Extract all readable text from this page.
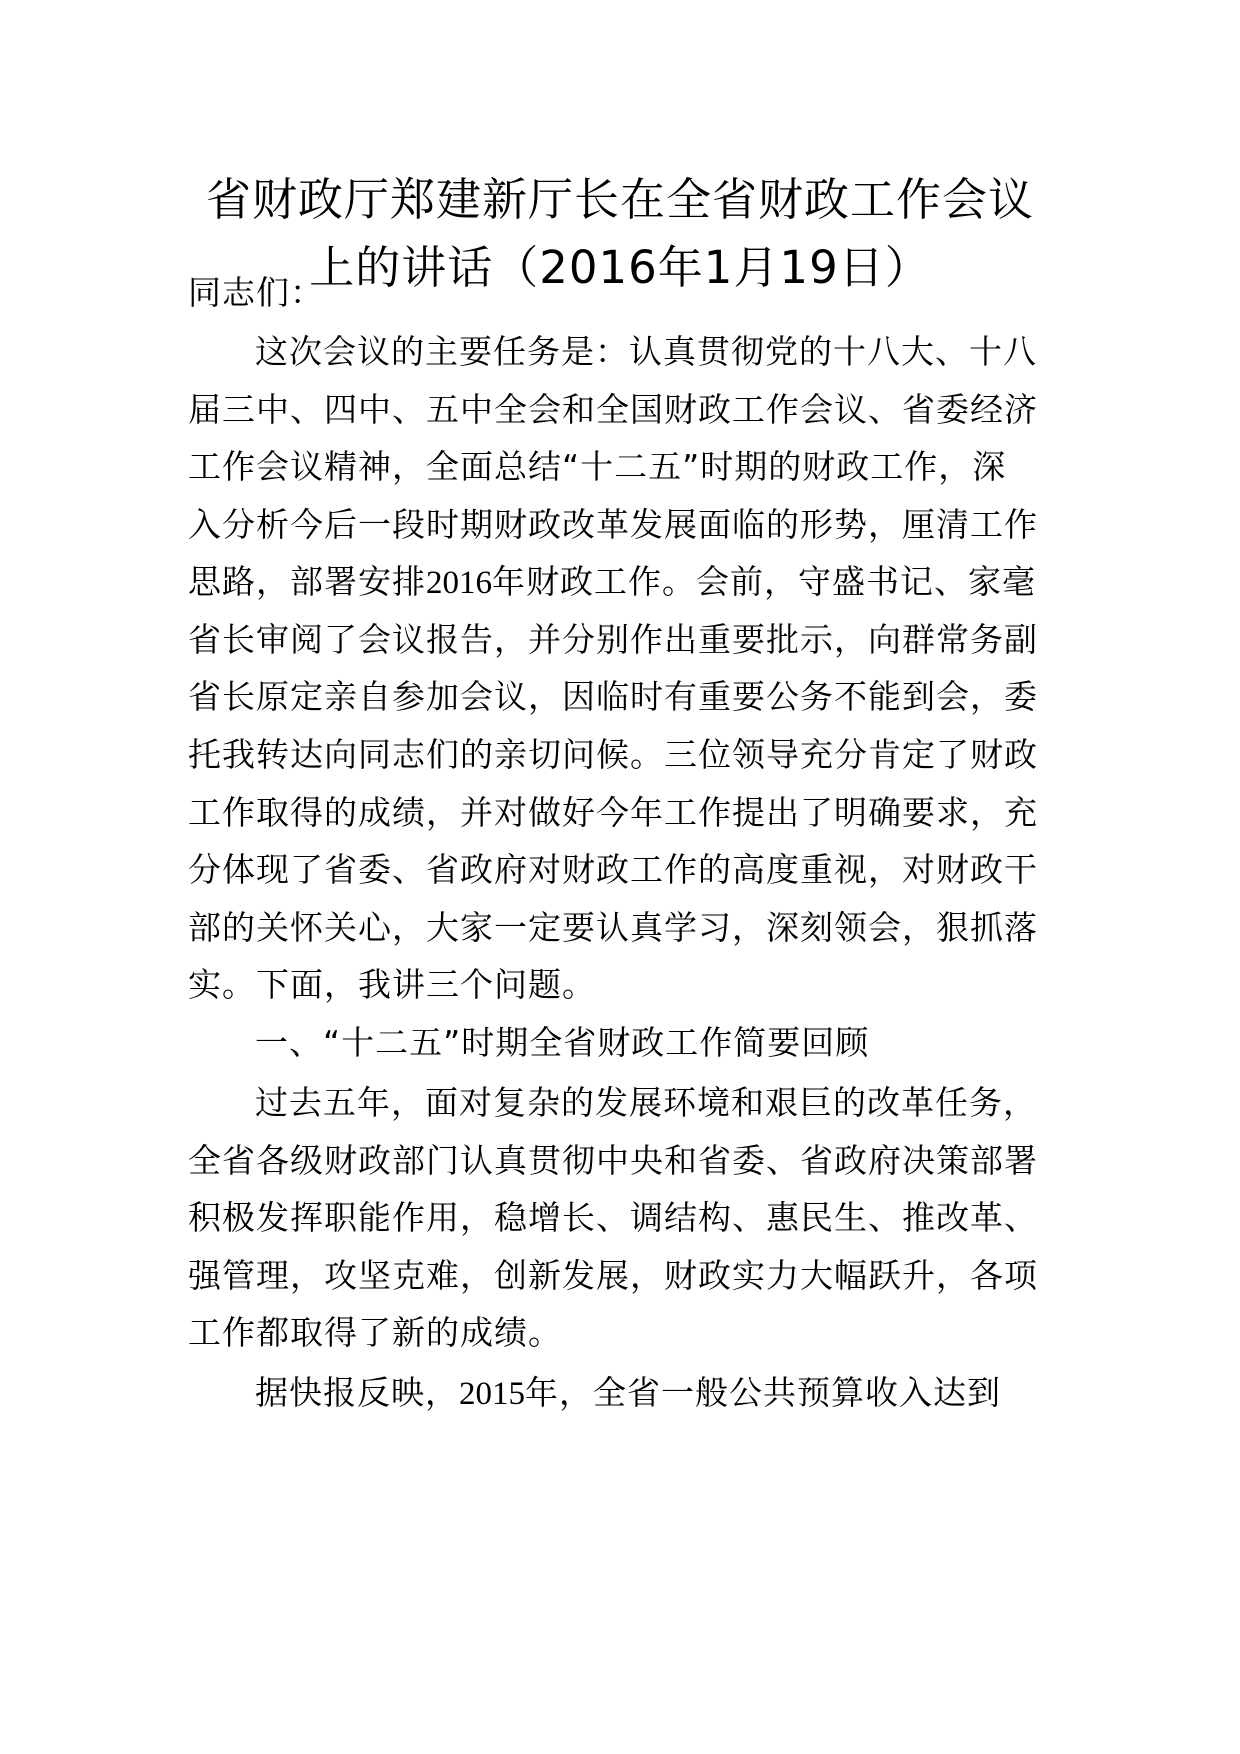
省财政厅郑建新厅长在全省财政工作会议
上的讲话（2016年1月19日）
同志们：
这次会议的主要任务是：认真贯彻党的十八大、十八
届三中、四中、五中全会和全国财政工作会议、省委经济
工作会议精神，全面总结“十二五”时期的财政工作，深
入分析今后一段时期财政改革发展面临的形势，厘清工作
思路，部署安排2016年财政工作。会前，守盛书记、家毫
省长审阅了会议报告，并分别作出重要批示，向群常务副
省长原定亲自参加会议，因临时有重要公务不能到会，委
托我转达向同志们的亲切问候。三位领导充分肯定了财政
工作取得的成绩，并对做好今年工作提出了明确要求，充
分体现了省委、省政府对财政工作的高度重视，对财政干
部的关怀关心，大家一定要认真学习，深刻领会，狠抓落
实。下面，我讲三个问题。
一、“十二五”时期全省财政工作简要回顾
过去五年，面对复杂的发展环境和艰巨的改革任务，
全省各级财政部门认真贯彻中央和省委、省政府决策部署
积极发挥职能作用，稳增长、调结构、惠民生、推改革、
强管理，攻坚克难，创新发展，财政实力大幅跃升，各项
工作都取得了新的成绩。
据快报反映，2015年，全省一般公共预算收入达到
